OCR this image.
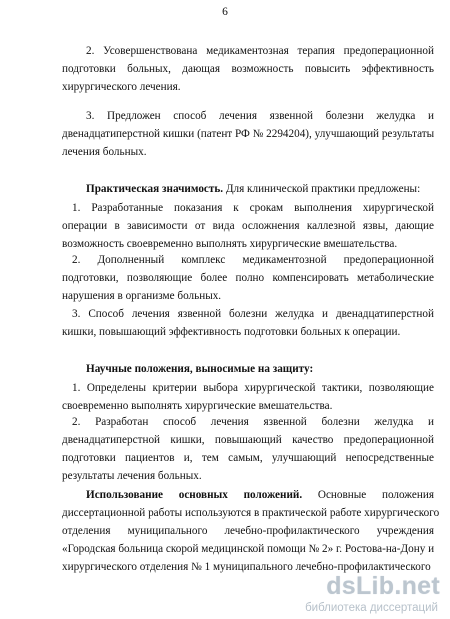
6
2. Усовершенствована медикаментозная терапия предоперационной
подготовки больных, дающая возможность повысить эффективность
хирургического лечения.
3. Предложен способ лечения язвенной болезни желудка и
двенадцатиперстной кишки (патент РФ № 2294204), улучшающий результаты
лечения больных.
Практическая значимость. Для клинической практики предложены:
1. Разработанные показания к срокам выполнения хирургической
операции в зависимости от вида осложнения каллезной язвы, дающие
возможность своевременно выполнять хирургические вмешательства.
2. Дополненный комплекс медикаментозной предоперационной
подготовки, позволяющие более полно компенсировать метаболические
нарушения в организме больных.
3. Способ лечения язвенной болезни желудка и двенадцатиперстной
кишки, повышающий эффективность подготовки больных к операции.
Научные положения, выносимые на защиту:
1. Определены критерии выбора хирургической тактики, позволяющие
своевременно выполнять хирургические вмешательства.
2. Разработан способ лечения язвенной болезни желудка и
двенадцатиперстной кишки, повышающий качество предоперационной
подготовки пациентов и, тем самым, улучшающий непосредственные
результаты лечения больных.
Использование основных положений. Основные положения
диссертационной работы используются в практической работе хирургического
отделения муниципального лечебно-профилактического учреждения
«Городская больница скорой медицинской помощи № 2» г. Ростова-на-Дону и
хирургического отделения № 1 муниципального лечебно-профилактического
dsLib.net
библиотека диссертаций
